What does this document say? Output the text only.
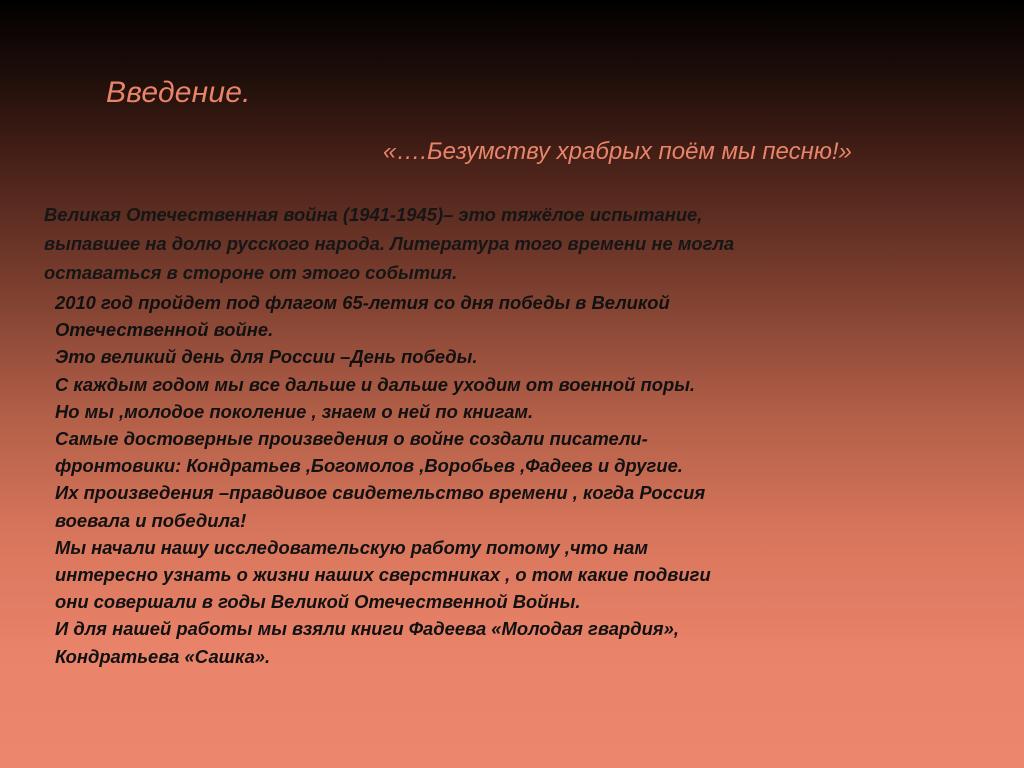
Введение.

«….Безумству храбрых поём мы песню!»

Великая Отечественная война (1941-1945)– это тяжёлое испытание,
выпавшее на долю русского народа. Литература того времени не могла
оставаться в стороне от этого события.

2010 год пройдет под флагом 65-летия со дня победы в Великой
Отечественной войне.
Это великий день для России –День победы.
С каждым годом мы все дальше и дальше уходим от военной поры.
Но мы ,молодое поколение , знаем о ней по книгам.
Самые достоверные произведения о войне создали писатели-
фронтовики: Кондратьев ,Богомолов ,Воробьев ,Фадеев и другие.
Их произведения –правдивое свидетельство времени , когда Россия
воевала и победила!
Мы начали нашу исследовательскую работу потому ,что нам
интересно узнать о жизни наших сверстниках , о том какие подвиги
они совершали в годы Великой Отечественной Войны.
И для нашей работы мы взяли книги Фадеева «Молодая гвардия»,
Кондратьева «Сашка».
